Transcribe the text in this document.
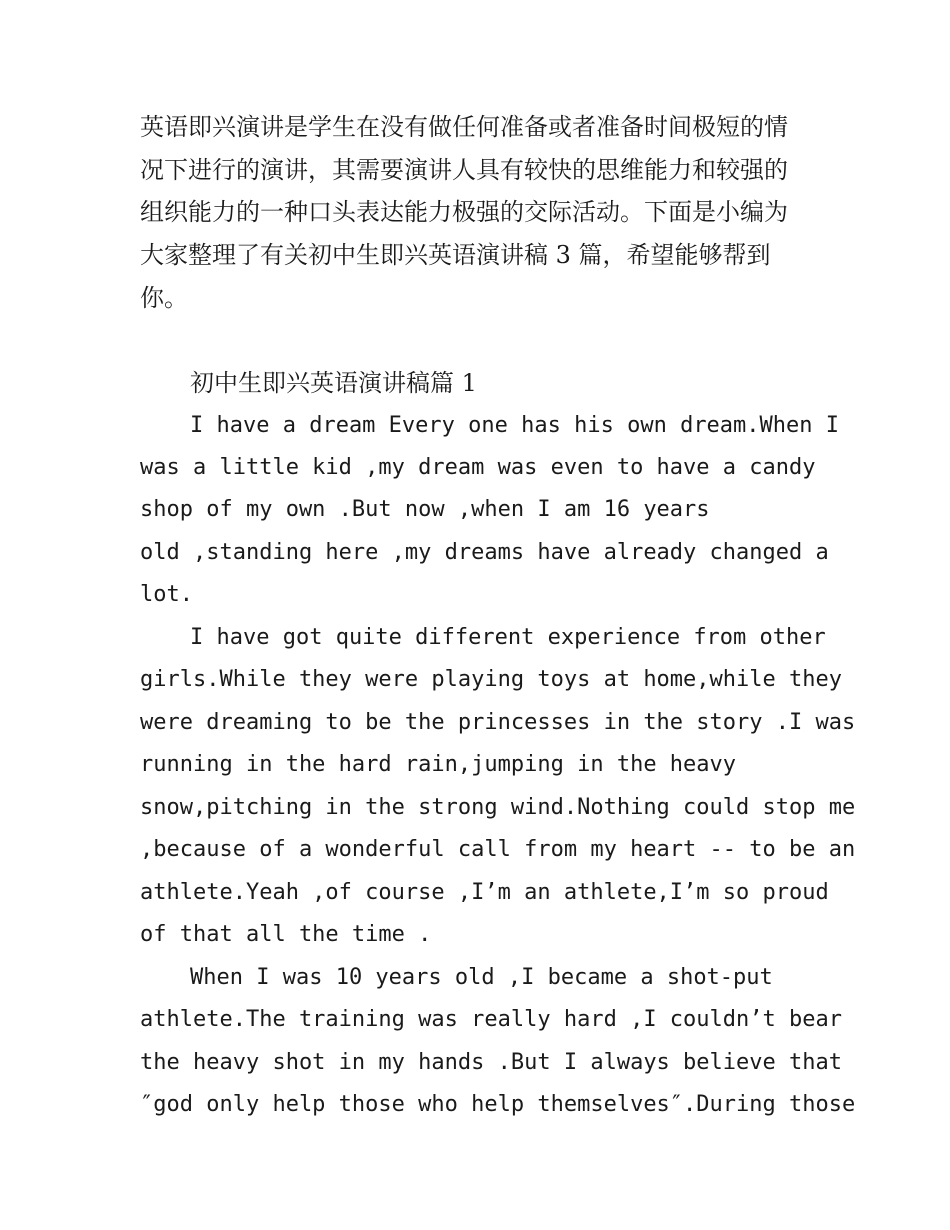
英语即兴演讲是学生在没有做任何准备或者准备时间极短的情

况下进行的演讲，其需要演讲人具有较快的思维能力和较强的

组织能力的一种口头表达能力极强的交际活动。下面是小编为

大家整理了有关初中生即兴英语演讲稿 3 篇，希望能够帮到

你。

初中生即兴英语演讲稿篇 1

I have a dream Every one has his own dream.When I

was a little kid ,my dream was even to have a candy

shop of my own .But now ,when I am 16 years

old ,standing here ,my dreams have already changed a

lot.

I have got quite different experience from other

girls.While they were playing toys at home,while they

were dreaming to be the princesses in the story .I was

running in the hard rain,jumping in the heavy

snow,pitching in the strong wind.Nothing could stop me

,because of a wonderful call from my heart -- to be an

athlete.Yeah ,of course ,I’m an athlete,I’m so proud

of that all the time .

When I was 10 years old ,I became a shot-put

athlete.The training was really hard ,I couldn’t bear

the heavy shot in my hands .But I always believe that

″god only help those who help themselves″.During those
